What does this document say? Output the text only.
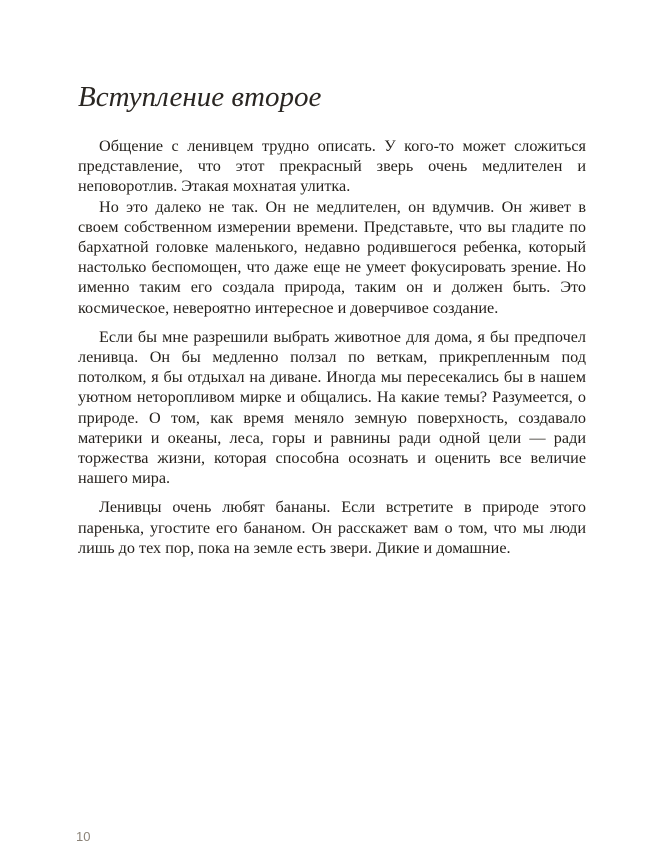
Вступление второе

Общение с ленивцем трудно описать. У кого-то может сложиться представление, что этот прекрасный зверь очень медлителен и неповоротлив. Этакая мохнатая улитка.

Но это далеко не так. Он не медлителен, он вдумчив. Он живет в своем собственном измерении времени. Представьте, что вы гладите по бархатной головке маленького, недавно родившегося ребенка, который настолько беспомощен, что даже еще не умеет фокусировать зрение. Но именно таким его создала природа, таким он и должен быть. Это космическое, невероятно интересное и доверчивое создание.

Если бы мне разрешили выбрать животное для дома, я бы предпочел ленивца. Он бы медленно ползал по веткам, прикрепленным под потолком, я бы отдыхал на диване. Иногда мы пересекались бы в нашем уютном неторопливом мирке и общались. На какие темы? Разумеется, о природе. О том, как время меняло земную поверхность, создавало материки и океаны, леса, горы и равнины ради одной цели — ради торжества жизни, которая способна осознать и оценить все величие нашего мира.

Ленивцы очень любят бананы. Если встретите в природе этого паренька, угостите его бананом. Он расскажет вам о том, что мы люди лишь до тех пор, пока на земле есть звери. Дикие и домашние.

10
